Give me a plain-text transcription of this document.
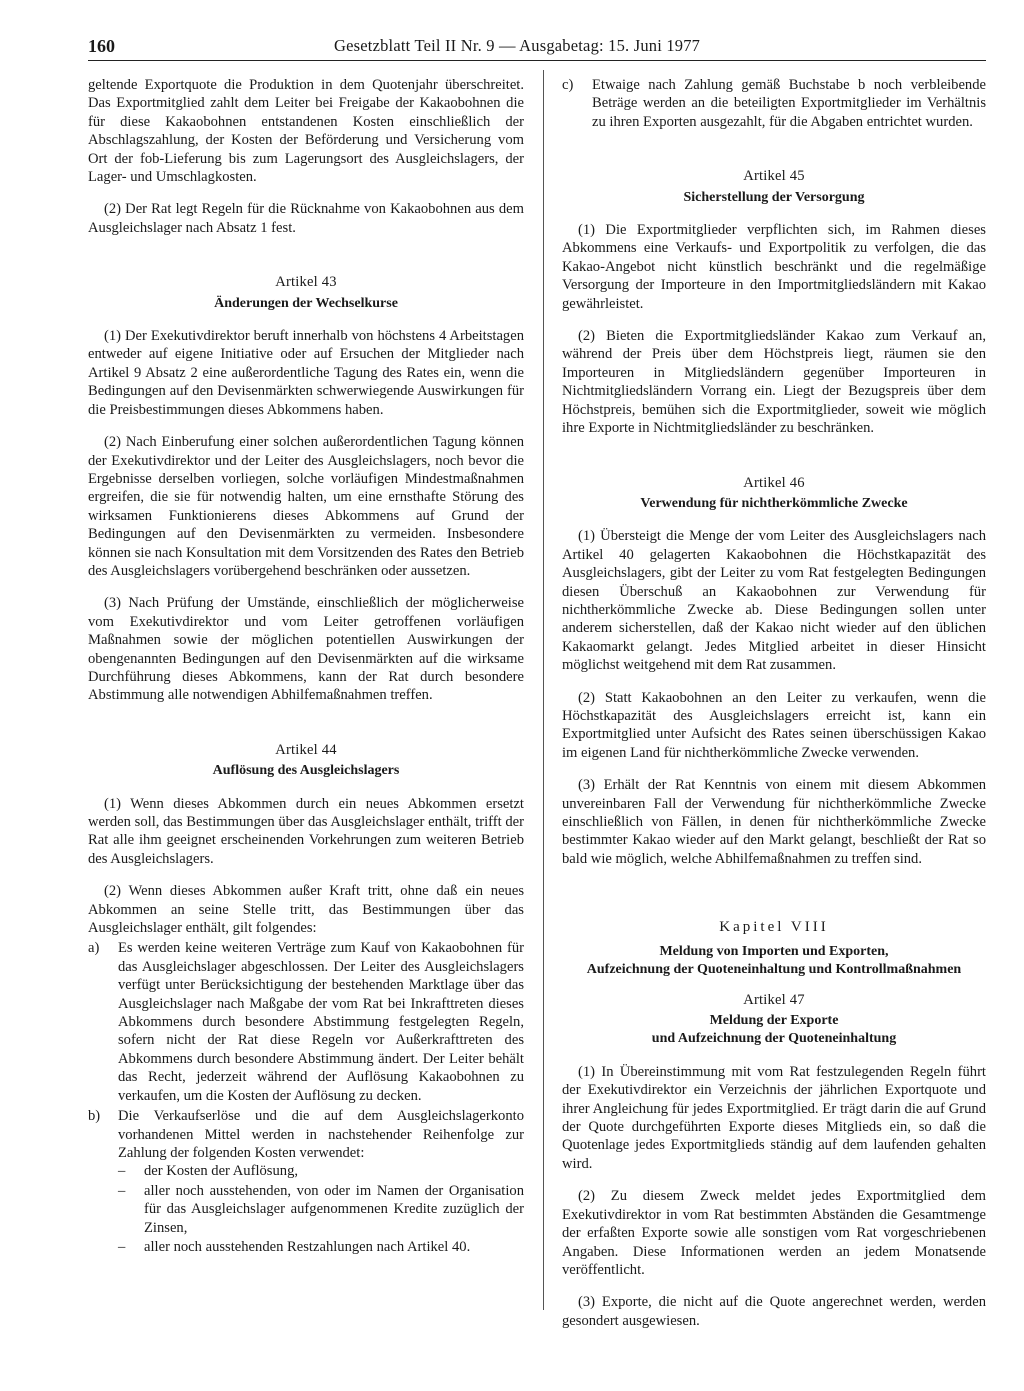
160	Gesetzblatt Teil II Nr. 9 — Ausgabetag: 15. Juni 1977

geltende Exportquote die Produktion in dem Quotenjahr überschreitet. Das Exportmitglied zahlt dem Leiter bei Freigabe der Kakaobohnen die für diese Kakaobohnen entstandenen Kosten einschließlich der Abschlagszahlung, der Kosten der Beförderung und Versicherung vom Ort der fob-Lieferung bis zum Lagerungsort des Ausgleichslagers, der Lager- und Umschlagkosten.

(2) Der Rat legt Regeln für die Rücknahme von Kakaobohnen aus dem Ausgleichslager nach Absatz 1 fest.

Artikel 43
Änderungen der Wechselkurse

(1) Der Exekutivdirektor beruft innerhalb von höchstens 4 Arbeitstagen entweder auf eigene Initiative oder auf Ersuchen der Mitglieder nach Artikel 9 Absatz 2 eine außerordentliche Tagung des Rates ein, wenn die Bedingungen auf den Devisenmärkten schwerwiegende Auswirkungen für die Preisbestimmungen dieses Abkommens haben.

(2) Nach Einberufung einer solchen außerordentlichen Tagung können der Exekutivdirektor und der Leiter des Ausgleichslagers, noch bevor die Ergebnisse derselben vorliegen, solche vorläufigen Mindestmaßnahmen ergreifen, die sie für notwendig halten, um eine ernsthafte Störung des wirksamen Funktionierens dieses Abkommens auf Grund der Bedingungen auf den Devisenmärkten zu vermeiden. Insbesondere können sie nach Konsultation mit dem Vorsitzenden des Rates den Betrieb des Ausgleichslagers vorübergehend beschränken oder aussetzen.

(3) Nach Prüfung der Umstände, einschließlich der möglicherweise vom Exekutivdirektor und vom Leiter getroffenen vorläufigen Maßnahmen sowie der möglichen potentiellen Auswirkungen der obengenannten Bedingungen auf den Devisenmärkten auf die wirksame Durchführung dieses Abkommens, kann der Rat durch besondere Abstimmung alle notwendigen Abhilfemaßnahmen treffen.

Artikel 44
Auflösung des Ausgleichslagers

(1) Wenn dieses Abkommen durch ein neues Abkommen ersetzt werden soll, das Bestimmungen über das Ausgleichslager enthält, trifft der Rat alle ihm geeignet erscheinenden Vorkehrungen zum weiteren Betrieb des Ausgleichslagers.

(2) Wenn dieses Abkommen außer Kraft tritt, ohne daß ein neues Abkommen an seine Stelle tritt, das Bestimmungen über das Ausgleichslager enthält, gilt folgendes:

a) Es werden keine weiteren Verträge zum Kauf von Kakaobohnen für das Ausgleichslager abgeschlossen. Der Leiter des Ausgleichslagers verfügt unter Berücksichtigung der bestehenden Marktlage über das Ausgleichslager nach Maßgabe der vom Rat bei Inkrafttreten dieses Abkommens durch besondere Abstimmung festgelegten Regeln, sofern nicht der Rat diese Regeln vor Außerkrafttreten des Abkommens durch besondere Abstimmung ändert. Der Leiter behält das Recht, jederzeit während der Auflösung Kakaobohnen zu verkaufen, um die Kosten der Auflösung zu decken.
b) Die Verkaufserlöse und die auf dem Ausgleichslagerkonto vorhandenen Mittel werden in nachstehender Reihenfolge zur Zahlung der folgenden Kosten verwendet:
– der Kosten der Auflösung,
– aller noch ausstehenden, von oder im Namen der Organisation für das Ausgleichslager aufgenommenen Kredite zuzüglich der Zinsen,
– aller noch ausstehenden Restzahlungen nach Artikel 40.
c) Etwaige nach Zahlung gemäß Buchstabe b noch verbleibende Beträge werden an die beteiligten Exportmitglieder im Verhältnis zu ihren Exporten ausgezahlt, für die Abgaben entrichtet wurden.
Artikel 45
Sicherstellung der Versorgung

(1) Die Exportmitglieder verpflichten sich, im Rahmen dieses Abkommens eine Verkaufs- und Exportpolitik zu verfolgen, die das Kakao-Angebot nicht künstlich beschränkt und die regelmäßige Versorgung der Importeure in den Importmitgliedsländern mit Kakao gewährleistet.

(2) Bieten die Exportmitgliedsländer Kakao zum Verkauf an, während der Preis über dem Höchstpreis liegt, räumen sie den Importeuren in Mitgliedsländern gegenüber Importeuren in Nichtmitgliedsländern Vorrang ein. Liegt der Bezugspreis über dem Höchstpreis, bemühen sich die Exportmitglieder, soweit wie möglich ihre Exporte in Nichtmitgliedsländer zu beschränken.

Artikel 46
Verwendung für nichtherkömmliche Zwecke

(1) Übersteigt die Menge der vom Leiter des Ausgleichslagers nach Artikel 40 gelagerten Kakaobohnen die Höchstkapazität des Ausgleichslagers, gibt der Leiter zu vom Rat festgelegten Bedingungen diesen Überschuß an Kakaobohnen zur Verwendung für nichtherkömmliche Zwecke ab. Diese Bedingungen sollen unter anderem sicherstellen, daß der Kakao nicht wieder auf den üblichen Kakaomarkt gelangt. Jedes Mitglied arbeitet in dieser Hinsicht möglichst weitgehend mit dem Rat zusammen.

(2) Statt Kakaobohnen an den Leiter zu verkaufen, wenn die Höchstkapazität des Ausgleichslagers erreicht ist, kann ein Exportmitglied unter Aufsicht des Rates seinen überschüssigen Kakao im eigenen Land für nichtherkömmliche Zwecke verwenden.

(3) Erhält der Rat Kenntnis von einem mit diesem Abkommen unvereinbaren Fall der Verwendung für nichtherkömmliche Zwecke einschließlich von Fällen, in denen für nichtherkömmliche Zwecke bestimmter Kakao wieder auf den Markt gelangt, beschließt der Rat so bald wie möglich, welche Abhilfemaßnahmen zu treffen sind.

Kapitel VIII
Meldung von Importen und Exporten,
Aufzeichnung der Quoteneinhaltung und Kontrollmaßnahmen
Artikel 47
Meldung der Exporte
und Aufzeichnung der Quoteneinhaltung

(1) In Übereinstimmung mit vom Rat festzulegenden Regeln führt der Exekutivdirektor ein Verzeichnis der jährlichen Exportquote und ihrer Angleichung für jedes Exportmitglied. Er trägt darin die auf Grund der Quote durchgeführten Exporte dieses Mitglieds ein, so daß die Quotenlage jedes Exportmitglieds ständig auf dem laufenden gehalten wird.

(2) Zu diesem Zweck meldet jedes Exportmitglied dem Exekutivdirektor in vom Rat bestimmten Abständen die Gesamtmenge der erfaßten Exporte sowie alle sonstigen vom Rat vorgeschriebenen Angaben. Diese Informationen werden an jedem Monatsende veröffentlicht.

(3) Exporte, die nicht auf die Quote angerechnet werden, werden gesondert ausgewiesen.
